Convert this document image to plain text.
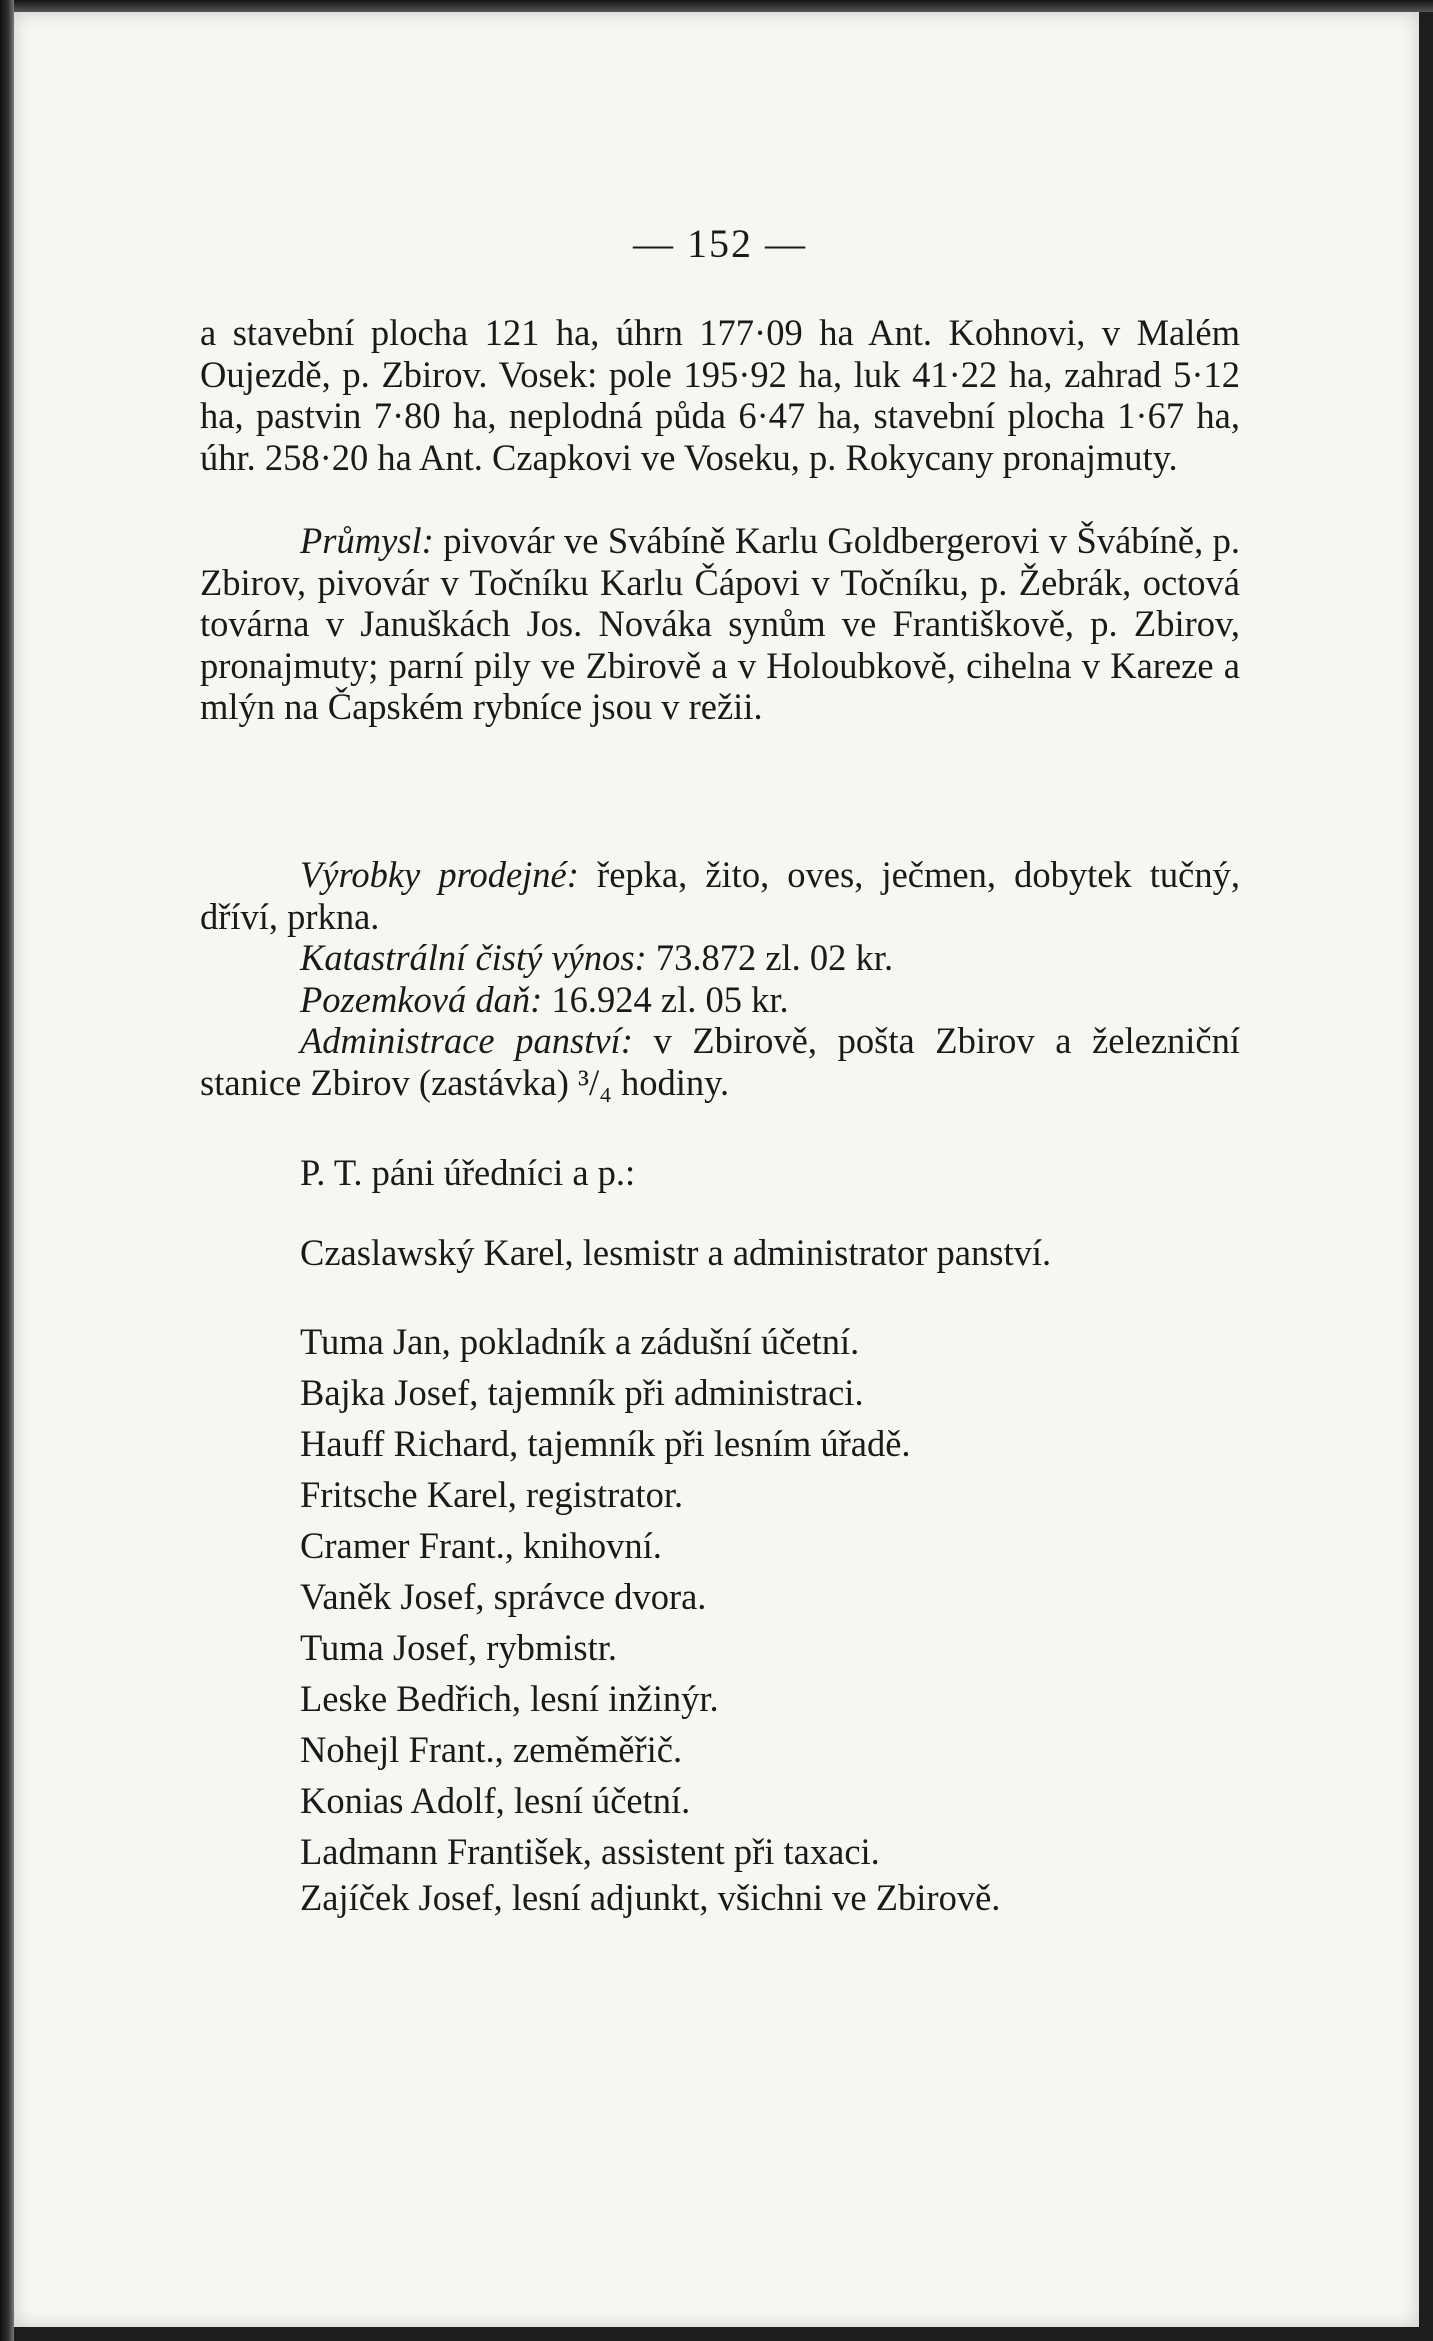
— 152 —
a stavební plocha 121 ha, úhrn 177·09 ha Ant. Kohnovi, v Malém Oujezdě, p. Zbirov. Vosek: pole 195·92 ha, luk 41·22 ha, zahrad 5·12 ha, pastvin 7·80 ha, neplodná půda 6·47 ha, stavební plocha 1·67 ha, úhr. 258·20 ha Ant. Czapkovi ve Voseku, p. Rokycany pronajmuty.
Průmysl: pivovár ve Svábíně Karlu Goldbergerovi v Švábíně, p. Zbirov, pivovár v Točníku Karlu Čápovi v Točníku, p. Žebrák, octová továrna v Januškách Jos. Nováka synům ve Františkově, p. Zbirov, pronajmuty; parní pily ve Zbirově a v Holoubkově, cihelna v Kareze a mlýn na Čapském rybníce jsou v režii.
Výrobky prodejné: řepka, žito, oves, ječmen, dobytek tučný, dříví, prkna.
Katastrální čistý výnos: 73.872 zl. 02 kr.
Pozemková daň: 16.924 zl. 05 kr.
Administrace panství: v Zbirově, pošta Zbirov a železniční stanice Zbirov (zastávka) ³/₄ hodiny.
P. T. páni úředníci a p.:
Czaslawský Karel, lesmistr a administrator panství.
Tuma Jan, pokladník a zádušní účetní.
Bajka Josef, tajemník při administraci.
Hauff Richard, tajemník při lesním úřadě.
Fritsche Karel, registrator.
Cramer Frant., knihovní.
Vaněk Josef, správce dvora.
Tuma Josef, rybmistr.
Leske Bedřich, lesní inžinýr.
Nohejl Frant., zeměměřič.
Konias Adolf, lesní účetní.
Ladmann František, assistent při taxaci.
Zajíček Josef, lesní adjunkt, všichni ve Zbirově.
